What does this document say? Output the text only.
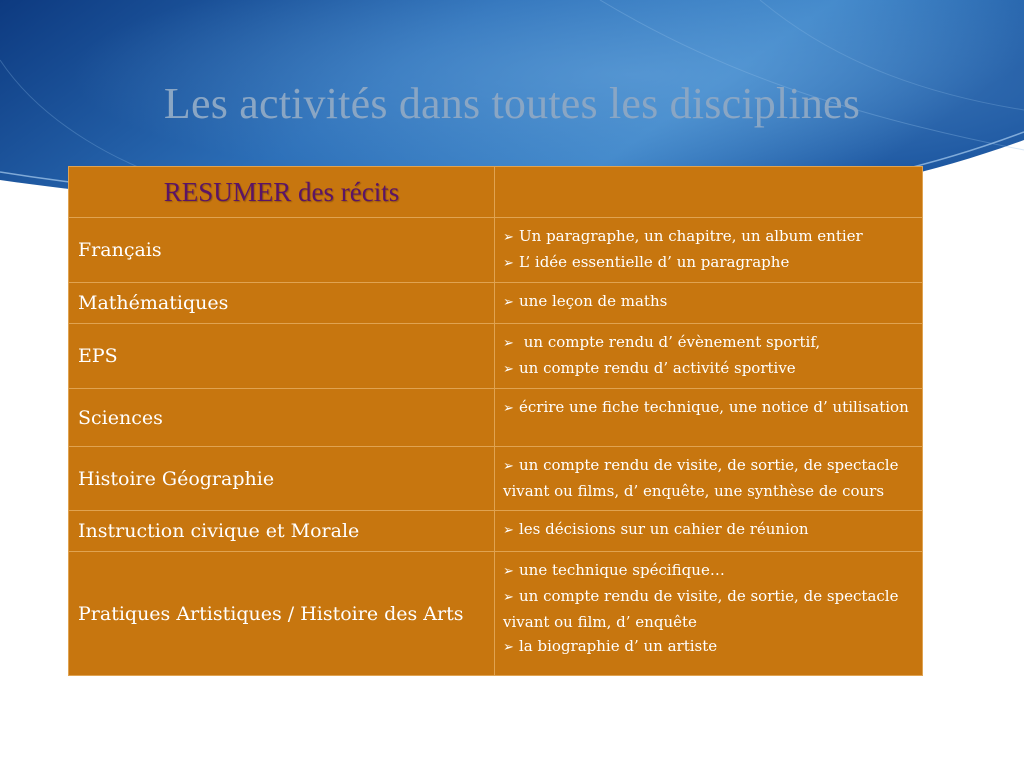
Les activités dans toutes les disciplines
RESUMER des récits	
Français	➢ Un paragraphe, un chapitre, un album entier
➢ L’ idée essentielle d’ un paragraphe

Mathématiques	➢ une leçon de maths

EPS	➢ un compte rendu d’ évènement sportif,
➢ un compte rendu d’ activité sportive

Sciences	➢ écrire une fiche technique, une notice d’ utilisation

Histoire Géographie	➢ un compte rendu de visite, de sortie, de spectacle vivant ou films, d’ enquête, une synthèse de cours

Instruction civique et Morale	➢ les décisions sur un cahier de réunion

Pratiques Artistiques / Histoire des Arts	➢ une technique spécifique…
➢ un compte rendu de visite, de sortie, de spectacle vivant ou film, d’ enquête
➢ la biographie d’ un artiste
